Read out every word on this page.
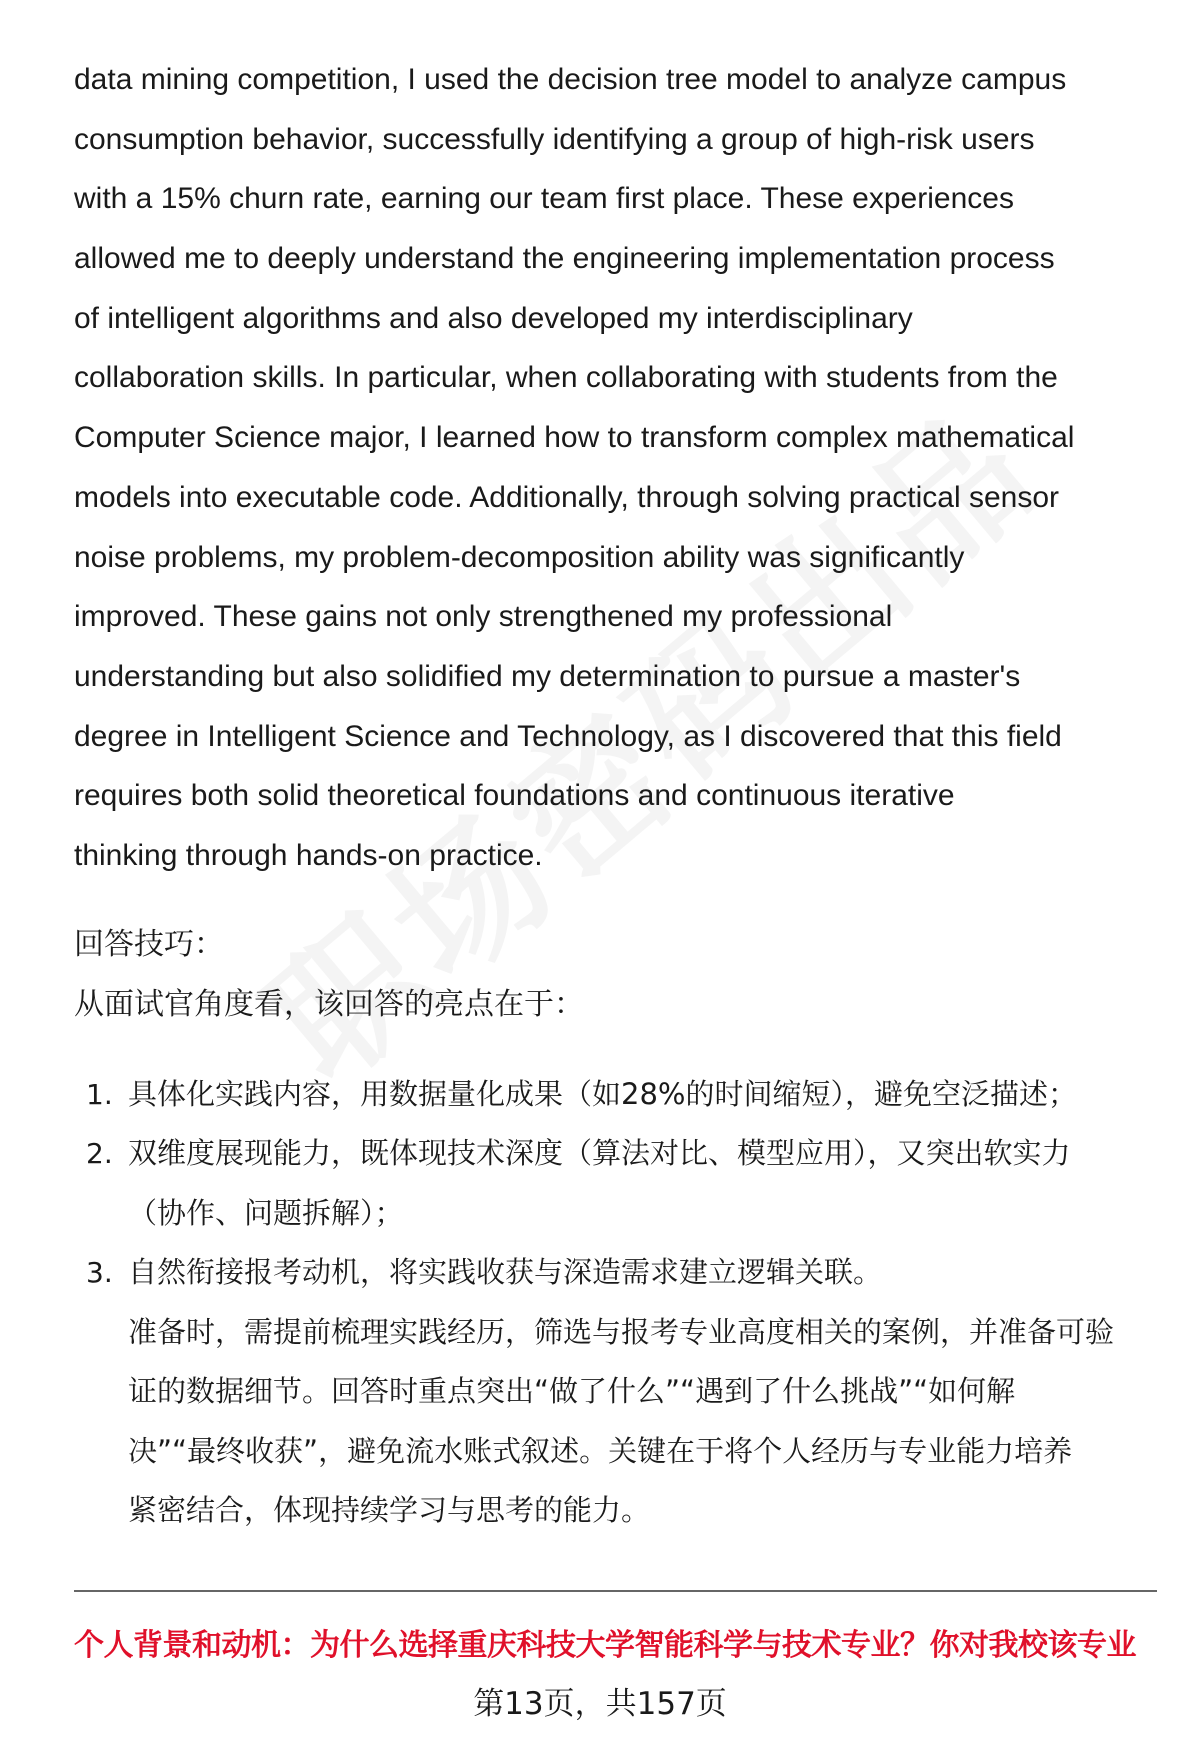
data mining competition, I used the decision tree model to analyze campus
consumption behavior, successfully identifying a group of high-risk users
with a 15% churn rate, earning our team first place. These experiences
allowed me to deeply understand the engineering implementation process
of intelligent algorithms and also developed my interdisciplinary
collaboration skills. In particular, when collaborating with students from the
Computer Science major, I learned how to transform complex mathematical
models into executable code. Additionally, through solving practical sensor
noise problems, my problem-decomposition ability was significantly
improved. These gains not only strengthened my professional
understanding but also solidified my determination to pursue a master's
degree in Intelligent Science and Technology, as I discovered that this field
requires both solid theoretical foundations and continuous iterative
thinking through hands-on practice.
回答技巧：
从面试官角度看，该回答的亮点在于：
1. 具体化实践内容，用数据量化成果（如28%的时间缩短），避免空泛描述；
2. 双维度展现能力，既体现技术深度（算法对比、模型应用），又突出软实力
（协作、问题拆解）；
3. 自然衔接报考动机，将实践收获与深造需求建立逻辑关联。
准备时，需提前梳理实践经历，筛选与报考专业高度相关的案例，并准备可验
证的数据细节。回答时重点突出“做了什么”“遇到了什么挑战”“如何解
决”“最终收获”，避免流水账式叙述。关键在于将个人经历与专业能力培养
紧密结合，体现持续学习与思考的能力。
个人背景和动机：为什么选择重庆科技大学智能科学与技术专业？你对我校该专业
第13页，共157页
